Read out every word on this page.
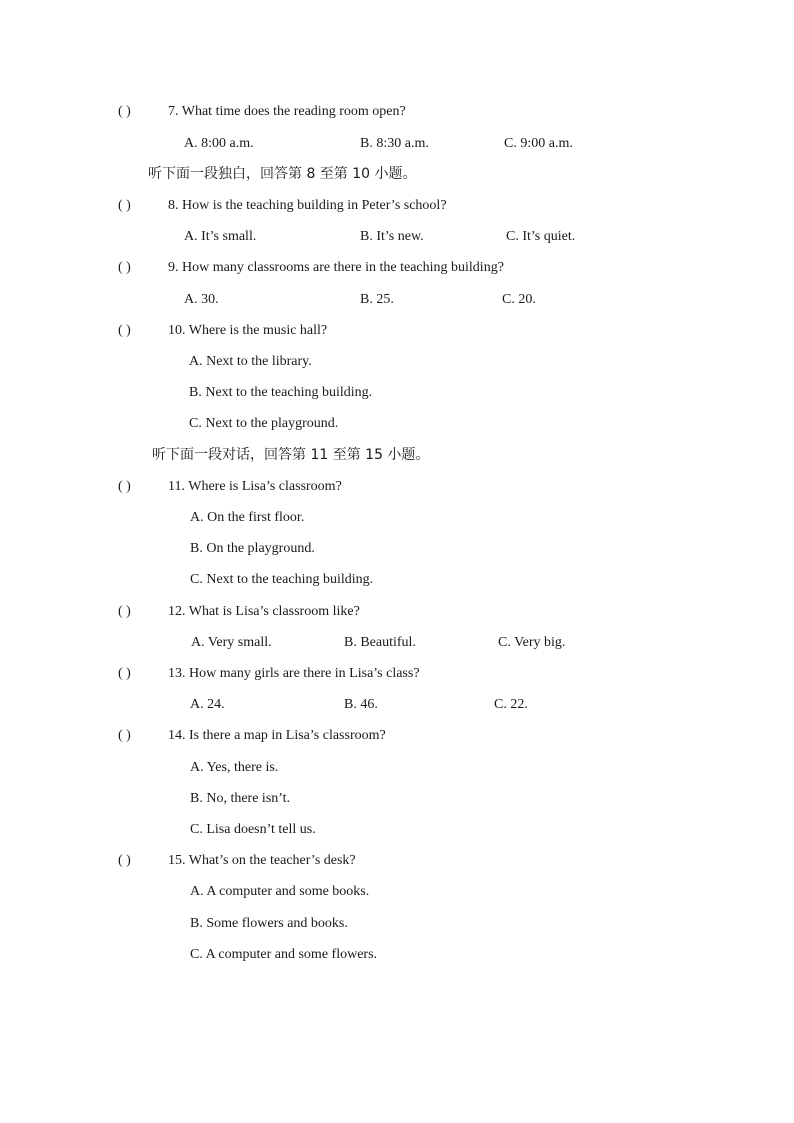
( )	7. What time does the reading room open?
A. 8:00 a.m.	B. 8:30 a.m.	C. 9:00 a.m.
听下面一段独白，回答第 8 至第 10 小题。
( )	8. How is the teaching building in Peter’s school?
A. It’s small.	B. It’s new.	C. It’s quiet.
( )	9. How many classrooms are there in the teaching building?
A. 30.	B. 25.	C. 20.
( )	10. Where is the music hall?
A. Next to the library.
B. Next to the teaching building.
C. Next to the playground.
听下面一段对话，回答第 11 至第 15 小题。
( )	11. Where is Lisa’s classroom?
A. On the first floor.
B. On the playground.
C. Next to the teaching building.
( )	12. What is Lisa’s classroom like?
A. Very small.	B. Beautiful.	C. Very big.
( )	13. How many girls are there in Lisa’s class?
A. 24.	B. 46.	C. 22.
( )	14. Is there a map in Lisa’s classroom?
A. Yes, there is.
B. No, there isn’t.
C. Lisa doesn’t tell us.
( )	15. What’s on the teacher’s desk?
A. A computer and some books.
B. Some flowers and books.
C. A computer and some flowers.
